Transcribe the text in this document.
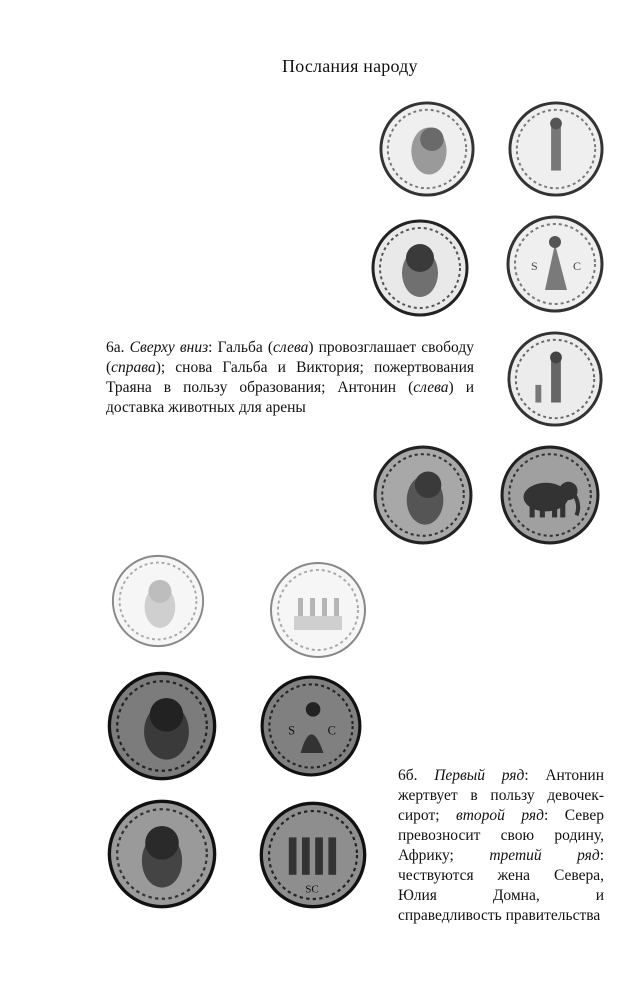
Послания народу
S	C
6а. Сверху вниз: Гальба (слева) провозглашает свободу (справа); снова Гальба и Виктория; пожертвования Траяна в пользу образования; Антонин (слева) и доставка животных для арены
S	C
SC
6б. Первый ряд: Антонин жертвует в пользу девочек-сирот; второй ряд: Север превозносит свою родину, Африку; третий ряд: чествуются жена Севера, Юлия Домна, и справедливость правительства
